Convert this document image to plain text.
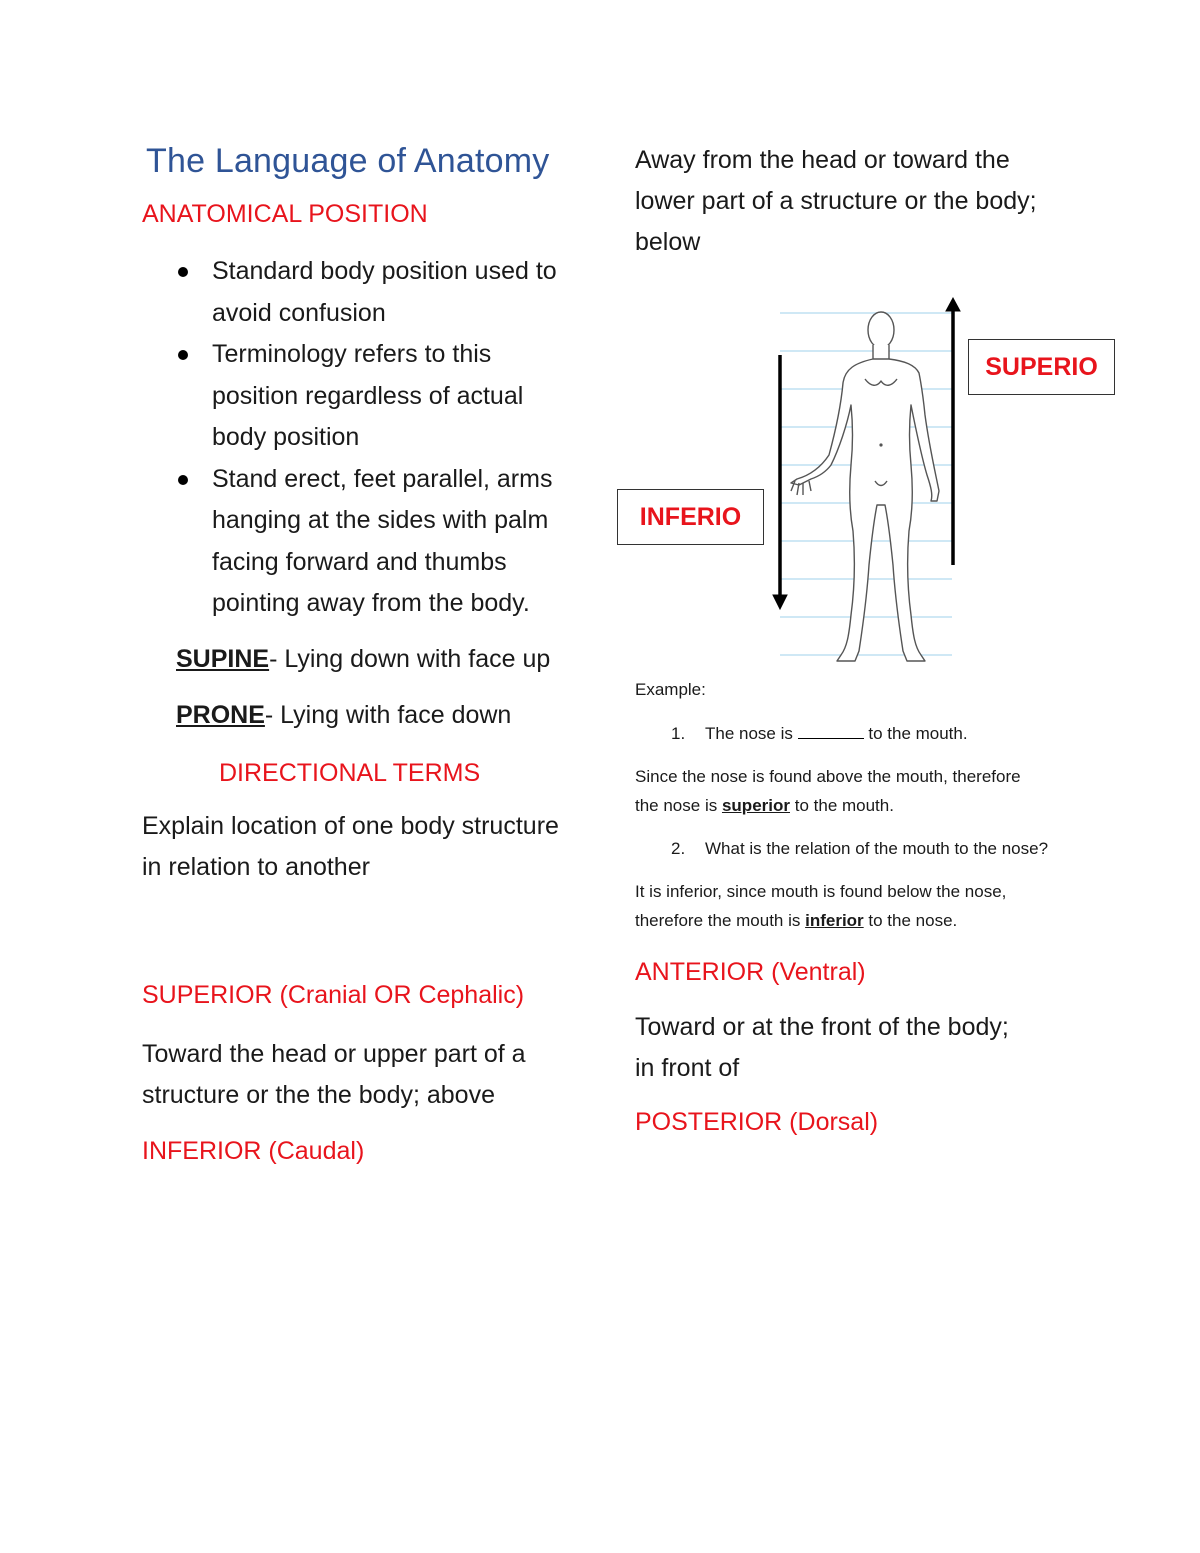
The Language of Anatomy

ANATOMICAL POSITION

Standard body position used to avoid confusion
Terminology refers to this position regardless of actual body position
Stand erect, feet parallel, arms hanging at the sides with palm facing forward and thumbs pointing away from the body.

SUPINE- Lying down with face up

PRONE- Lying with face down

DIRECTIONAL TERMS

Explain location of one body structure in relation to another

SUPERIOR (Cranial OR Cephalic)

Toward the head or upper part of a structure or the the body; above

INFERIOR (Caudal)

Away from the head or toward the lower part of a structure or the body; below

SUPERIO
INFERIO

Example:

1. The nose is	to the mouth.

Since the nose is found above the mouth, therefore the nose is superior to the mouth.

2. What is the relation of the mouth to the nose?

It is inferior, since mouth is found below the nose, therefore the mouth is inferior to the nose.

ANTERIOR (Ventral)

Toward or at the front of the body; in front of

POSTERIOR (Dorsal)
